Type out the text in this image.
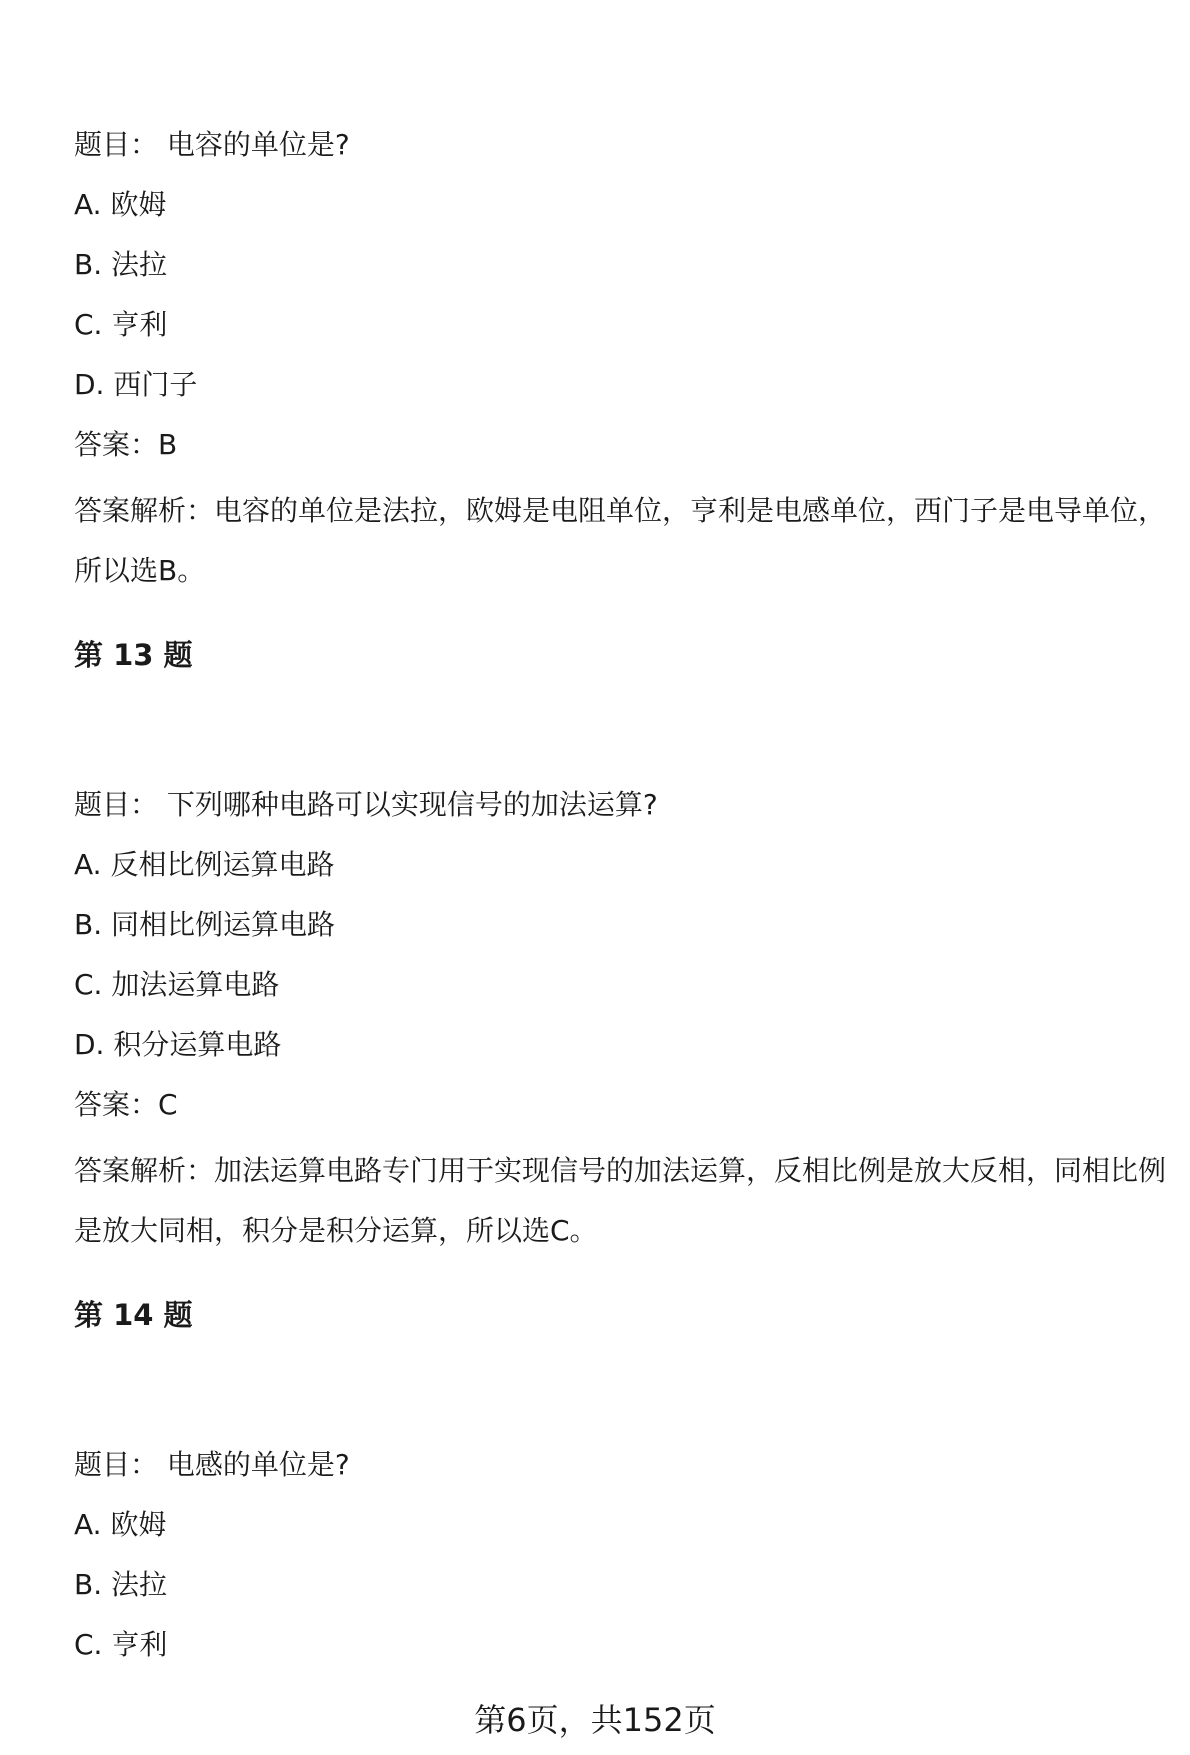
题目： 电容的单位是?
A. 欧姆
B. 法拉
C. 亨利
D. 西门子
答案：B
答案解析：电容的单位是法拉，欧姆是电阻单位，亨利是电感单位，西门子是电导单位，所以选B。
第 13 题
题目： 下列哪种电路可以实现信号的加法运算?
A. 反相比例运算电路
B. 同相比例运算电路
C. 加法运算电路
D. 积分运算电路
答案：C
答案解析：加法运算电路专门用于实现信号的加法运算，反相比例是放大反相，同相比例是放大同相，积分是积分运算，所以选C。
第 14 题
题目： 电感的单位是?
A. 欧姆
B. 法拉
C. 亨利
第6页，共152页
